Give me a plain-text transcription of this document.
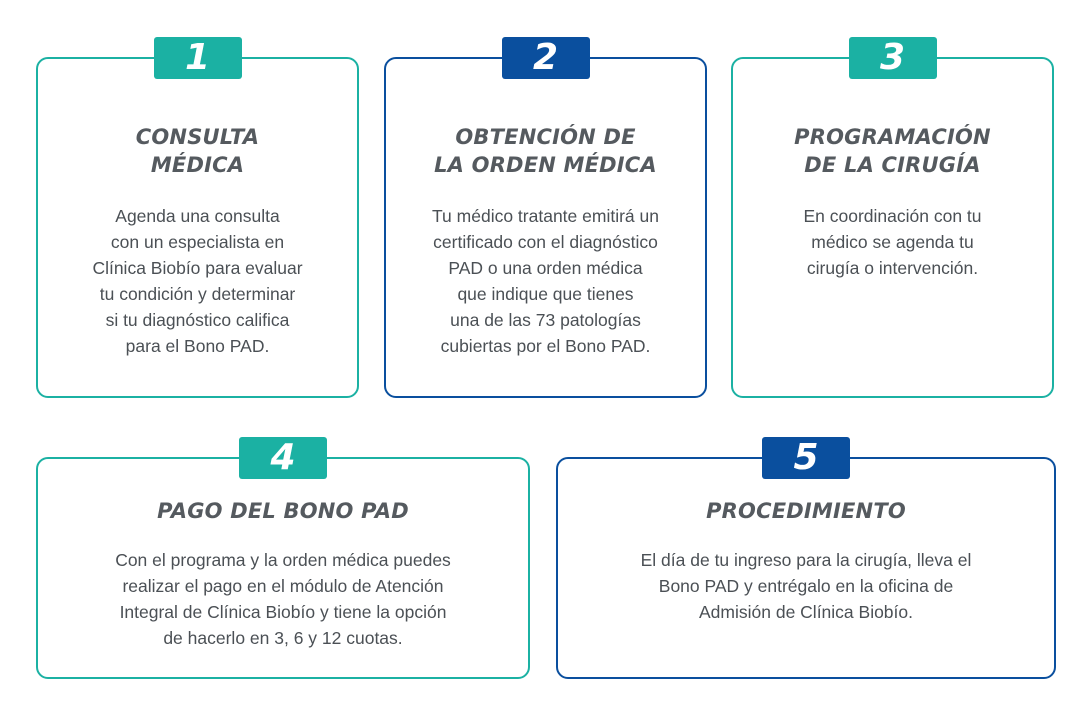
1
CONSULTA
MÉDICA

Agenda una consulta
con un especialista en
Clínica Biobío para evaluar
tu condición y determinar
si tu diagnóstico califica
para el Bono PAD.

2
OBTENCIÓN DE
LA ORDEN MÉDICA

Tu médico tratante emitirá un
certificado con el diagnóstico
PAD o una orden médica
que indique que tienes
una de las 73 patologías
cubiertas por el Bono PAD.

3
PROGRAMACIÓN
DE LA CIRUGÍA

En coordinación con tu
médico se agenda tu
cirugía o intervención.

4
PAGO DEL BONO PAD

Con el programa y la orden médica puedes
realizar el pago en el módulo de Atención
Integral de Clínica Biobío y tiene la opción
de hacerlo en 3, 6 y 12 cuotas.

5
PROCEDIMIENTO

El día de tu ingreso para la cirugía, lleva el
Bono PAD y entrégalo en la oficina de
Admisión de Clínica Biobío.
